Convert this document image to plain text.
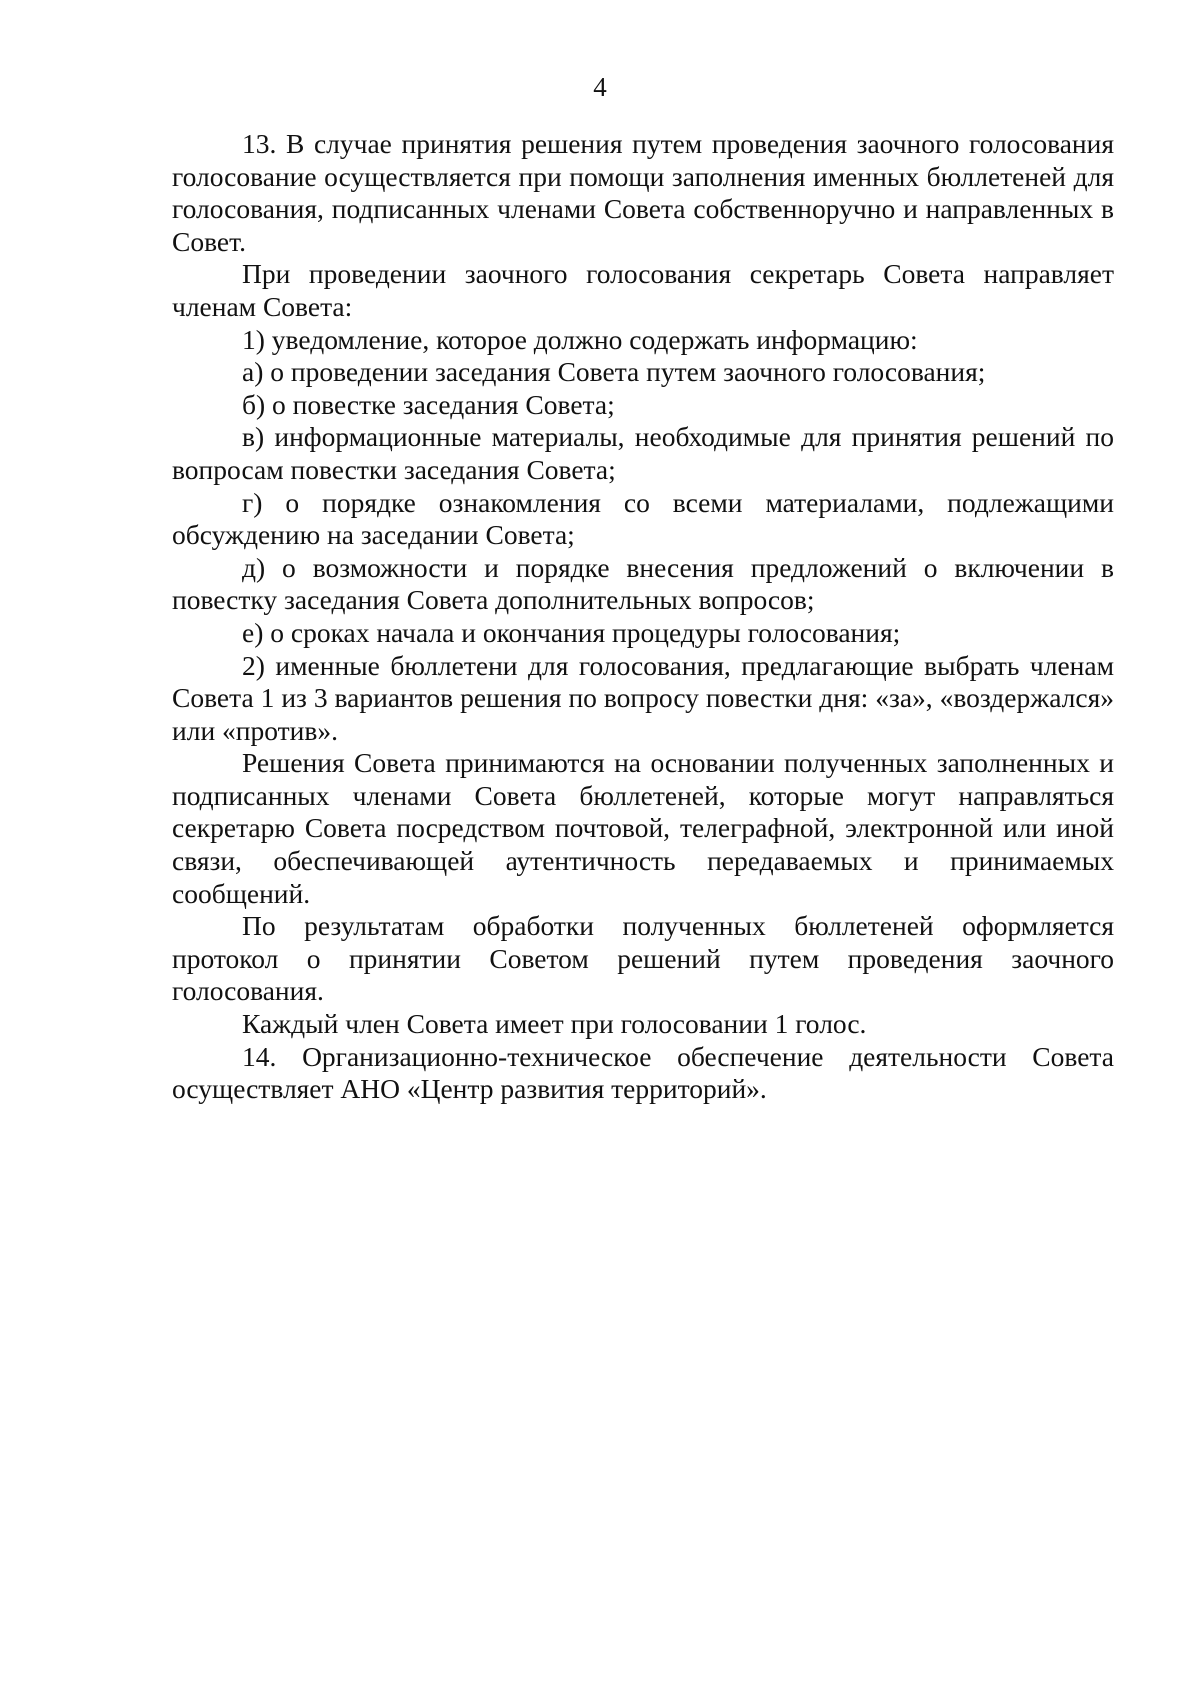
4

13. В случае принятия решения путем проведения заочного голосования голосование осуществляется при помощи заполнения именных бюллетеней для голосования, подписанных членами Совета собственноручно и направленных в Совет.

При проведении заочного голосования секретарь Совета направляет членам Совета:

1) уведомление, которое должно содержать информацию:

а) о проведении заседания Совета путем заочного голосования;

б) о повестке заседания Совета;

в) информационные материалы, необходимые для принятия решений по вопросам повестки заседания Совета;

г) о порядке ознакомления со всеми материалами, подлежащими обсуждению на заседании Совета;

д) о возможности и порядке внесения предложений о включении в повестку заседания Совета дополнительных вопросов;

е) о сроках начала и окончания процедуры голосования;

2) именные бюллетени для голосования, предлагающие выбрать членам Совета 1 из 3 вариантов решения по вопросу повестки дня: «за», «воздержался» или «против».

Решения Совета принимаются на основании полученных заполненных и подписанных членами Совета бюллетеней, которые могут направляться секретарю Совета посредством почтовой, телеграфной, электронной или иной связи, обеспечивающей аутентичность передаваемых и принимаемых сообщений.

По результатам обработки полученных бюллетеней оформляется протокол о принятии Советом решений путем проведения заочного голосования.

Каждый член Совета имеет при голосовании 1 голос.

14. Организационно-техническое обеспечение деятельности Совета осуществляет АНО «Центр развития территорий».
